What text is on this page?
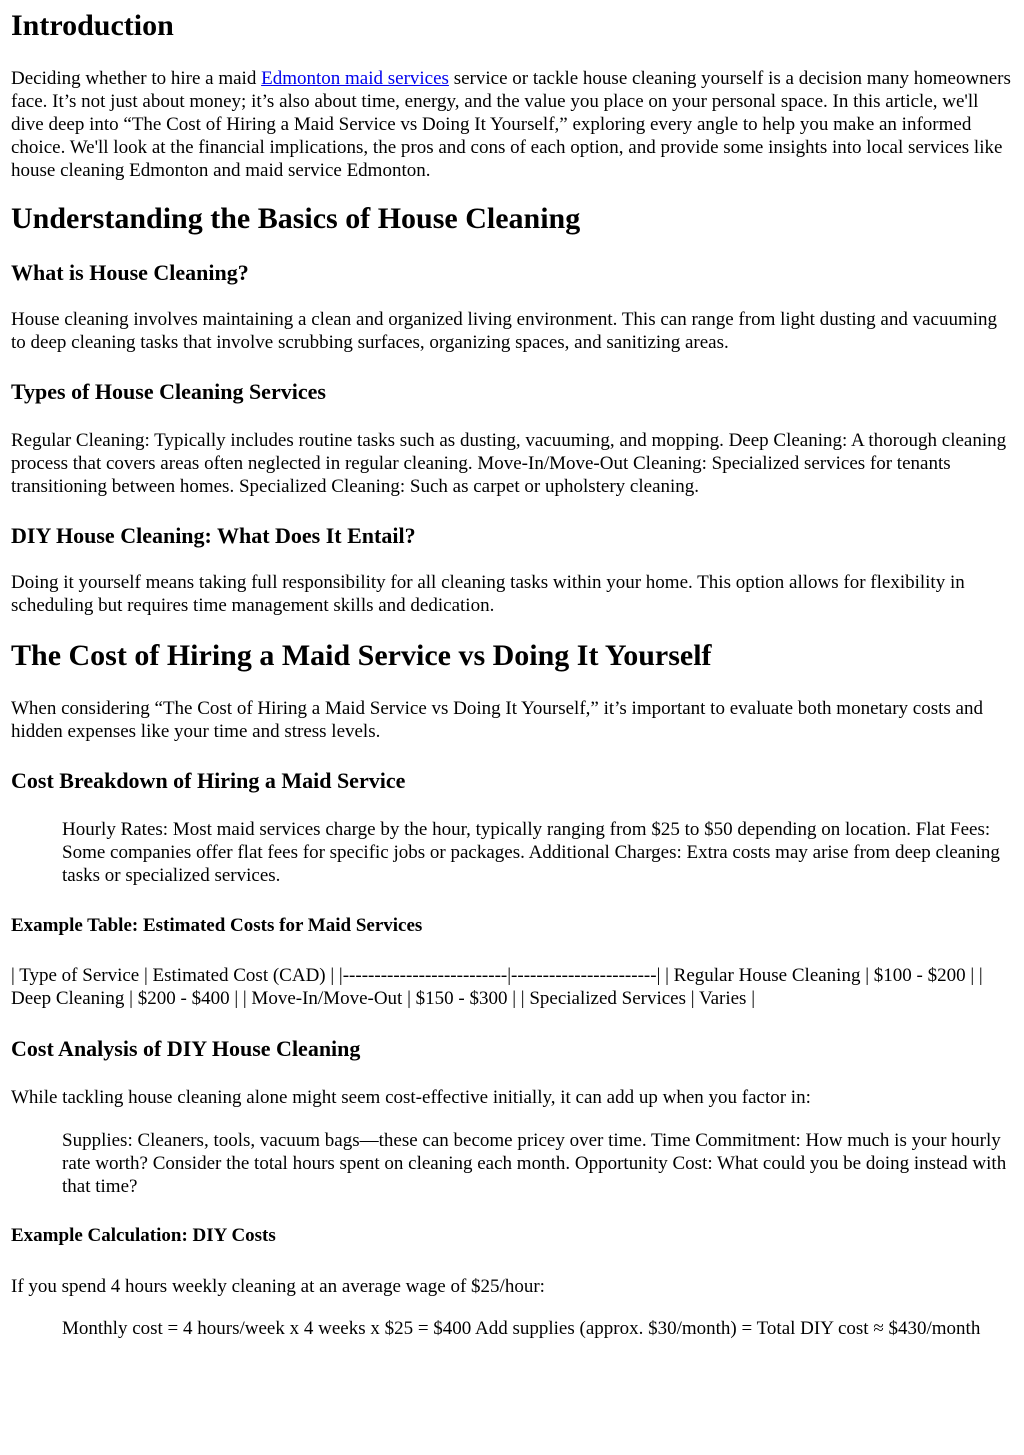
Introduction

Deciding whether to hire a maid Edmonton maid services service or tackle house cleaning yourself is a decision many homeowners face. It’s not just about money; it’s also about time, energy, and the value you place on your personal space. In this article, we'll dive deep into “The Cost of Hiring a Maid Service vs Doing It Yourself,” exploring every angle to help you make an informed choice. We'll look at the financial implications, the pros and cons of each option, and provide some insights into local services like house cleaning Edmonton and maid service Edmonton.

Understanding the Basics of House Cleaning
What is House Cleaning?

House cleaning involves maintaining a clean and organized living environment. This can range from light dusting and vacuuming to deep cleaning tasks that involve scrubbing surfaces, organizing spaces, and sanitizing areas.

Types of House Cleaning Services

Regular Cleaning: Typically includes routine tasks such as dusting, vacuuming, and mopping. Deep Cleaning: A thorough cleaning process that covers areas often neglected in regular cleaning. Move-In/Move-Out Cleaning: Specialized services for tenants transitioning between homes. Specialized Cleaning: Such as carpet or upholstery cleaning.

DIY House Cleaning: What Does It Entail?

Doing it yourself means taking full responsibility for all cleaning tasks within your home. This option allows for flexibility in scheduling but requires time management skills and dedication.

The Cost of Hiring a Maid Service vs Doing It Yourself

When considering “The Cost of Hiring a Maid Service vs Doing It Yourself,” it’s important to evaluate both monetary costs and hidden expenses like your time and stress levels.

Cost Breakdown of Hiring a Maid Service

Hourly Rates: Most maid services charge by the hour, typically ranging from $25 to $50 depending on location. Flat Fees: Some companies offer flat fees for specific jobs or packages. Additional Charges: Extra costs may arise from deep cleaning tasks or specialized services.

Example Table: Estimated Costs for Maid Services

| Type of Service | Estimated Cost (CAD) | |--------------------------|-----------------------| | Regular House Cleaning | $100 - $200 | | Deep Cleaning | $200 - $400 | | Move-In/Move-Out | $150 - $300 | | Specialized Services | Varies |

Cost Analysis of DIY House Cleaning

While tackling house cleaning alone might seem cost-effective initially, it can add up when you factor in:

Supplies: Cleaners, tools, vacuum bags—these can become pricey over time. Time Commitment: How much is your hourly rate worth? Consider the total hours spent on cleaning each month. Opportunity Cost: What could you be doing instead with that time?

Example Calculation: DIY Costs

If you spend 4 hours weekly cleaning at an average wage of $25/hour:

Monthly cost = 4 hours/week x 4 weeks x $25 = $400 Add supplies (approx. $30/month) = Total DIY cost ≈ $430/month
